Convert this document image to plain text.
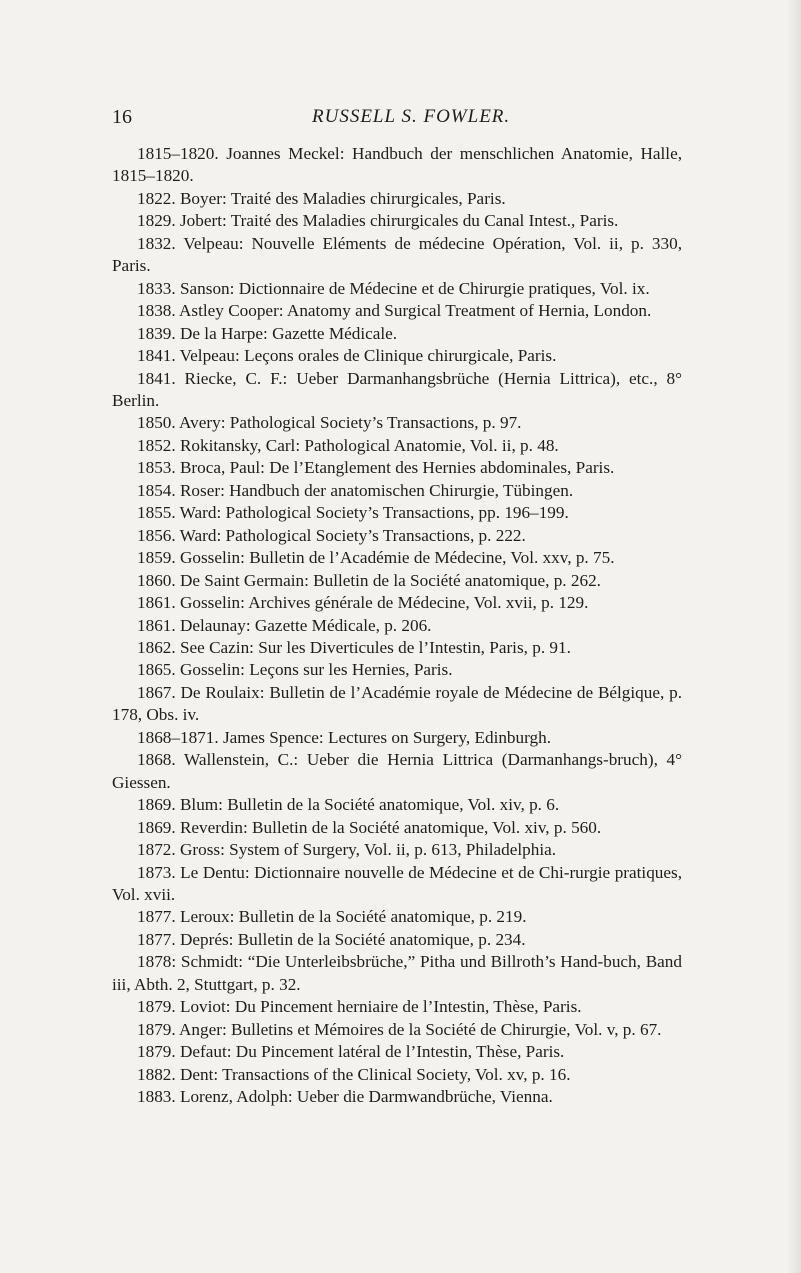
16	RUSSELL S. FOWLER.

1815–1820. Joannes Meckel: Handbuch der menschlichen Anatomie, Halle, 1815–1820.

1822. Boyer: Traité des Maladies chirurgicales, Paris.

1829. Jobert: Traité des Maladies chirurgicales du Canal Intest., Paris.

1832. Velpeau: Nouvelle Eléments de médecine Opération, Vol. ii, p. 330, Paris.

1833. Sanson: Dictionnaire de Médecine et de Chirurgie pratiques, Vol. ix.

1838. Astley Cooper: Anatomy and Surgical Treatment of Hernia, London.

1839. De la Harpe: Gazette Médicale.

1841. Velpeau: Leçons orales de Clinique chirurgicale, Paris.

1841. Riecke, C. F.: Ueber Darmanhangsbrüche (Hernia Littrica), etc., 8° Berlin.

1850. Avery: Pathological Society’s Transactions, p. 97.

1852. Rokitansky, Carl: Pathological Anatomie, Vol. ii, p. 48.

1853. Broca, Paul: De l’Etanglement des Hernies abdominales, Paris.

1854. Roser: Handbuch der anatomischen Chirurgie, Tübingen.

1855. Ward: Pathological Society’s Transactions, pp. 196–199.

1856. Ward: Pathological Society’s Transactions, p. 222.

1859. Gosselin: Bulletin de l’Académie de Médecine, Vol. xxv, p. 75.

1860. De Saint Germain: Bulletin de la Société anatomique, p. 262.

1861. Gosselin: Archives générale de Médecine, Vol. xvii, p. 129.

1861. Delaunay: Gazette Médicale, p. 206.

1862. See Cazin: Sur les Diverticules de l’Intestin, Paris, p. 91.

1865. Gosselin: Leçons sur les Hernies, Paris.

1867. De Roulaix: Bulletin de l’Académie royale de Médecine de Bélgique, p. 178, Obs. iv.

1868–1871. James Spence: Lectures on Surgery, Edinburgh.

1868. Wallenstein, C.: Ueber die Hernia Littrica (Darmanhangs-bruch), 4° Giessen.

1869. Blum: Bulletin de la Société anatomique, Vol. xiv, p. 6.

1869. Reverdin: Bulletin de la Société anatomique, Vol. xiv, p. 560.

1872. Gross: System of Surgery, Vol. ii, p. 613, Philadelphia.

1873. Le Dentu: Dictionnaire nouvelle de Médecine et de Chi-rurgie pratiques, Vol. xvii.

1877. Leroux: Bulletin de la Société anatomique, p. 219.

1877. Deprés: Bulletin de la Société anatomique, p. 234.

1878: Schmidt: “Die Unterleibsbrüche,” Pitha und Billroth’s Hand-buch, Band iii, Abth. 2, Stuttgart, p. 32.

1879. Loviot: Du Pincement herniaire de l’Intestin, Thèse, Paris.

1879. Anger: Bulletins et Mémoires de la Société de Chirurgie, Vol. v, p. 67.

1879. Defaut: Du Pincement latéral de l’Intestin, Thèse, Paris.

1882. Dent: Transactions of the Clinical Society, Vol. xv, p. 16.

1883. Lorenz, Adolph: Ueber die Darmwandbrüche, Vienna.
